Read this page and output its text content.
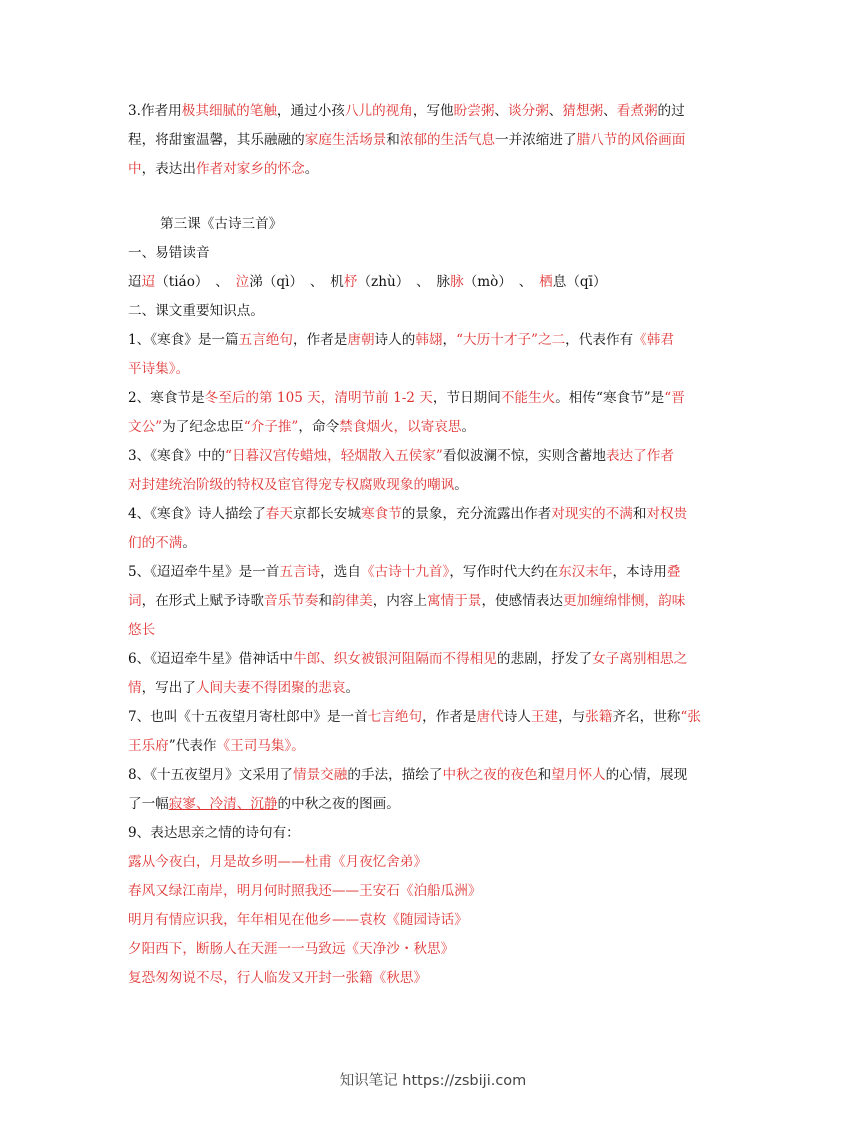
3.作者用极其细腻的笔触，通过小孩八儿的视角，写他盼尝粥、谈分粥、猜想粥、看煮粥的过
程，将甜蜜温馨，其乐融融的家庭生活场景和浓郁的生活气息一并浓缩进了腊八节的风俗画面
中，表达出作者对家乡的怀念。
第三课《古诗三首》
一、易错读音
迢迢（tiáo）　、　泣涕（qì）　、　机杼（zhù）　、　脉脉（mò）　、　栖息（qī）
二、课文重要知识点。
1、《寒食》是一篇五言绝句，作者是唐朝诗人的韩翃，“大历十才子”之二，代表作有《韩君
平诗集》。
2、寒食节是冬至后的第 105 天，清明节前 1-2 天，节日期间不能生火。相传“寒食节”是“晋
文公”为了纪念忠臣“介子推”，命令禁食烟火，以寄哀思。
3、《寒食》中的“日暮汉宫传蜡烛，轻烟散入五侯家”看似波澜不惊，实则含蓄地表达了作者
对封建统治阶级的特权及宦官得宠专权腐败现象的嘲讽。
4、《寒食》诗人描绘了春天京都长安城寒食节的景象，充分流露出作者对现实的不满和对权贵
们的不满。
5、《迢迢牵牛星》是一首五言诗，选自《古诗十九首》，写作时代大约在东汉末年，本诗用叠
词，在形式上赋予诗歌音乐节奏和韵律美，内容上寓情于景，使感情表达更加缠绵悱恻，韵味
悠长
6、《迢迢牵牛星》借神话中牛郎、织女被银河阻隔而不得相见的悲剧，抒发了女子离别相思之
情，写出了人间夫妻不得团聚的悲哀。
7、也叫《十五夜望月寄杜郎中》是一首七言绝句，作者是唐代诗人王建，与张籍齐名，世称“张
王乐府”代表作《王司马集》。
8、《十五夜望月》文采用了情景交融的手法，描绘了中秋之夜的夜色和望月怀人的心情，展现
了一幅寂寥、冷清、沉静的中秋之夜的图画。
9、表达思亲之情的诗句有：
露从今夜白，月是故乡明——杜甫《月夜忆舍弟》
春风又绿江南岸，明月何时照我还——王安石《泊船瓜洲》
明月有情应识我，年年相见在他乡——袁枚《随园诗话》
夕阳西下，断肠人在天涯一一马致远《天净沙・秋思》
复恐匆匆说不尽，行人临发又开封一张籍《秋思》
知识笔记 https://zsbiji.com
